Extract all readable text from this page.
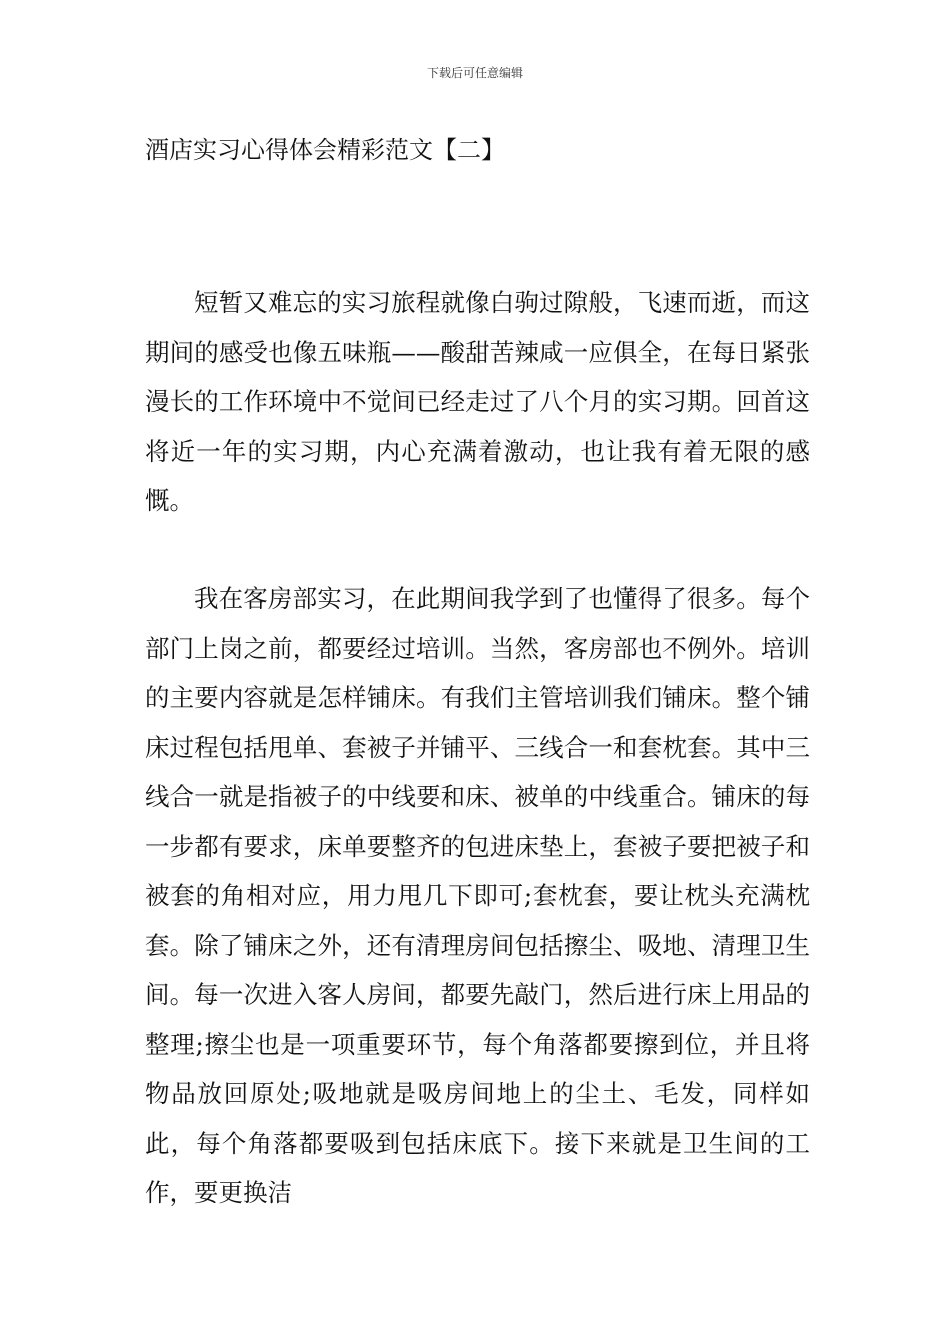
下载后可任意编辑
酒店实习心得体会精彩范文【二】

短暂又难忘的实习旅程就像白驹过隙般，飞速而逝，而这期间的感受也像五味瓶——酸甜苦辣咸一应俱全，在每日紧张漫长的工作环境中不觉间已经走过了八个月的实习期。回首这将近一年的实习期，内心充满着激动，也让我有着无限的感慨。

我在客房部实习，在此期间我学到了也懂得了很多。每个部门上岗之前，都要经过培训。当然，客房部也不例外。培训的主要内容就是怎样铺床。有我们主管培训我们铺床。整个铺床过程包括甩单、套被子并铺平、三线合一和套枕套。其中三线合一就是指被子的中线要和床、被单的中线重合。铺床的每一步都有要求，床单要整齐的包进床垫上，套被子要把被子和被套的角相对应，用力甩几下即可;套枕套，要让枕头充满枕套。除了铺床之外，还有清理房间包括擦尘、吸地、清理卫生间。每一次进入客人房间，都要先敲门，然后进行床上用品的整理;擦尘也是一项重要环节，每个角落都要擦到位，并且将物品放回原处;吸地就是吸房间地上的尘土、毛发，同样如此，每个角落都要吸到包括床底下。接下来就是卫生间的工作，要更换洁
